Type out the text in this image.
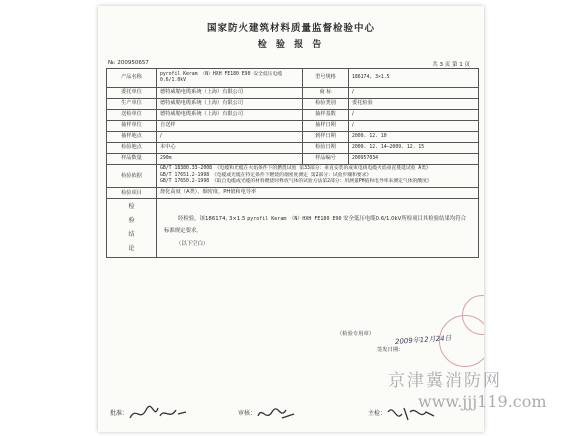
国家防火建筑材料质量监督检验中心
检 验 报 告
№: 200950657	共 3 页 第 1 页
产品名称	pyrofil Keram （N）HXH FE180 E90 安全低压电缆0.6/1.0kV	型号规格	186174, 3×1.5
委托单位	德特威勒电缆系统（上海）有限公司	商 标	/
生产单位	德特威勒电缆系统（上海）有限公司	检验类别	委托检验
送检单位	德特威勒电缆系统（上海）有限公司	抽样基数	/
抽样单位	自送样	抽样日期	/
抽样地点	/	到样日期	2009. 12. 10
检验地点	本中心	检验日期	2009. 12. 14—2009. 12. 15
样品数量	290m	样品编号	200957034
检验依据	GB/T 18380.33-2008 《电缆和光缆在火焰条件下的燃烧试验 第33部分：垂直安装的成束电线电缆火焰垂直蔓延试验 A类》
GB/T 17651.2-1998 《电缆或光缆在特定条件下燃烧的烟密度测定 第2部分：试验步骤和要求》
GB/T 17650.2-1998 《取自电缆或光缆的材料燃烧时释放气体的试验方法第2部分：用测量PH值和电导率来测定气体的酸度》		

检验项目	烧化高度（A类）、烟密度、PH值和电导率		
检验结论	经检验，该186174, 3×1.5 pyrofil Keram （N）HXH FE180 E90 安全低压电缆0.6/1.0kV所检项目其检验结果均符合标准规定要求。
（以下空白）
（检验专用章）
2009年12月24日
签发日期：		
批准：	审核：	主检：
京津冀消防网
www.jjj119.com
